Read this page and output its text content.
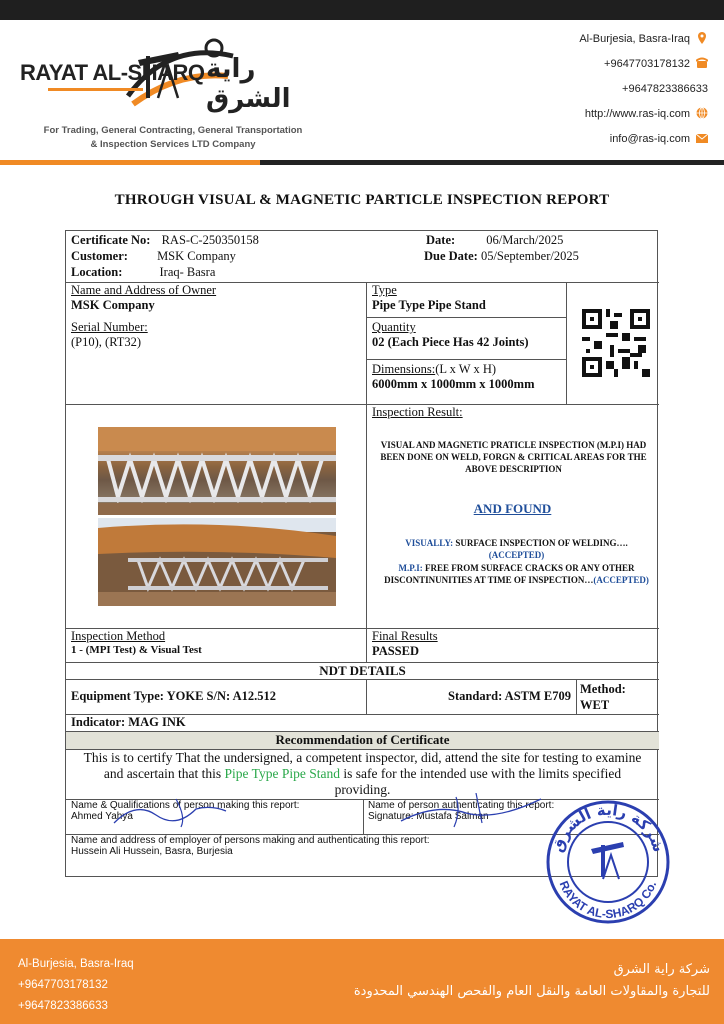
RAYAT AL-SHARQ راية الشرق
For Trading, General Contracting, General Transportation
& Inspection Services LTD Company
Al-Burjesia, Basra-Iraq
+9647703178132
+9647823386633
http://www.ras-iq.com
info@ras-iq.com
THROUGH VISUAL & MAGNETIC PARTICLE INSPECTION REPORT
Certificate No: RAS-C-250350158
Customer: MSK Company
Location:	Iraq- Basra
Date: 06/March/2025
Due Date: 05/September/2025
Name and Address of Owner
MSK Company
Serial Number:
(P10), (RT32)
Type
Pipe Type Pipe Stand
Quantity
02 (Each Piece Has 42 Joints)
Dimensions:(L x W x H)
6000mm x 1000mm x 1000mm
Inspection Result:
VISUAL AND MAGNETIC PRATICLE INSPECTION (M.P.I) HAD BEEN DONE ON WELD, FORGN & CRITICAL AREAS FOR THE ABOVE DESCRIPTION
AND FOUND
VISUALLY: SURFACE INSPECTION OF WELDING…. (ACCEPTED)
M.P.I: FREE FROM SURFACE CRACKS OR ANY OTHER DISCONTINUNITIES AT TIME OF INSPECTION…(ACCEPTED)
Inspection Method
1 - (MPI Test) & Visual Test
Final Results
PASSED
NDT DETAILS
Equipment Type: YOKE S/N: A12.512	Standard: ASTM E709 Method:
WET
Indicator: MAG INK
Recommendation of Certificate
This is to certify That the undersigned, a competent inspector, did, attend the site for testing to examine and ascertain that this Pipe Type Pipe Stand is safe for the intended use with the limits specified providing.
Name & Qualifications of person making this report:
Ahmed Yahya
Name of person authenticating this report:
Signature: Mustafa Salman
Name and address of employer of persons making and authenticating this report:
Hussein Ali Hussein, Basra, Burjesia	شركة راية الشرق
RAYAT AL-SHARQ Co.
Al-Burjesia, Basra-Iraq
+9647703178132
+9647823386633
شركة راية الشرق
للتجارة والمقاولات العامة والنقل العام والفحص الهندسي المحدودة
